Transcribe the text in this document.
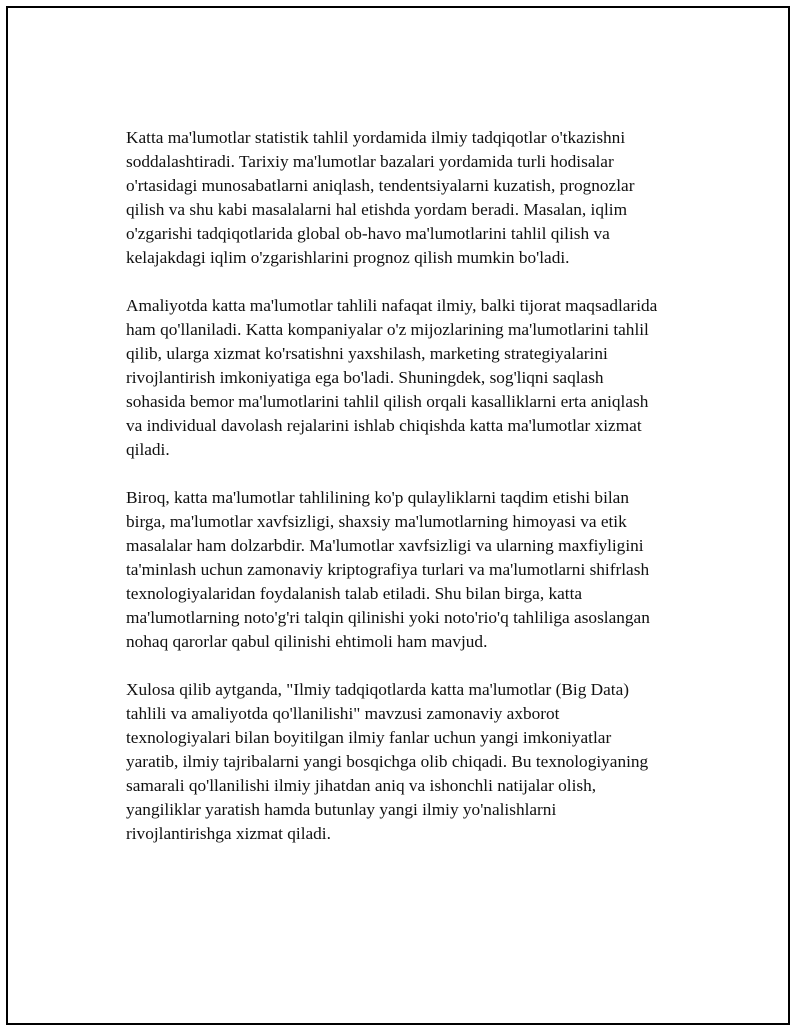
Katta ma'lumotlar statistik tahlil yordamida ilmiy tadqiqotlar o'tkazishni
soddalashtiradi. Tarixiy ma'lumotlar bazalari yordamida turli hodisalar
o'rtasidagi munosabatlarni aniqlash, tendentsiyalarni kuzatish, prognozlar
qilish va shu kabi masalalarni hal etishda yordam beradi. Masalan, iqlim
o'zgarishi tadqiqotlarida global ob-havo ma'lumotlarini tahlil qilish va
kelajakdagi iqlim o'zgarishlarini prognoz qilish mumkin bo'ladi.

Amaliyotda katta ma'lumotlar tahlili nafaqat ilmiy, balki tijorat maqsadlarida
ham qo'llaniladi. Katta kompaniyalar o'z mijozlarining ma'lumotlarini tahlil
qilib, ularga xizmat ko'rsatishni yaxshilash, marketing strategiyalarini
rivojlantirish imkoniyatiga ega bo'ladi. Shuningdek, sog'liqni saqlash
sohasida bemor ma'lumotlarini tahlil qilish orqali kasalliklarni erta aniqlash
va individual davolash rejalarini ishlab chiqishda katta ma'lumotlar xizmat
qiladi.

Biroq, katta ma'lumotlar tahlilining ko'p qulayliklarni taqdim etishi bilan
birga, ma'lumotlar xavfsizligi, shaxsiy ma'lumotlarning himoyasi va etik
masalalar ham dolzarbdir. Ma'lumotlar xavfsizligi va ularning maxfiyligini
ta'minlash uchun zamonaviy kriptografiya turlari va ma'lumotlarni shifrlash
texnologiyalaridan foydalanish talab etiladi. Shu bilan birga, katta
ma'lumotlarning noto'g'ri talqin qilinishi yoki noto'rio'q tahliliga asoslangan
nohaq qarorlar qabul qilinishi ehtimoli ham mavjud.

Xulosa qilib aytganda, "Ilmiy tadqiqotlarda katta ma'lumotlar (Big Data)
tahlili va amaliyotda qo'llanilishi" mavzusi zamonaviy axborot
texnologiyalari bilan boyitilgan ilmiy fanlar uchun yangi imkoniyatlar
yaratib, ilmiy tajribalarni yangi bosqichga olib chiqadi. Bu texnologiyaning
samarali qo'llanilishi ilmiy jihatdan aniq va ishonchli natijalar olish,
yangiliklar yaratish hamda butunlay yangi ilmiy yo'nalishlarni
rivojlantirishga xizmat qiladi.
